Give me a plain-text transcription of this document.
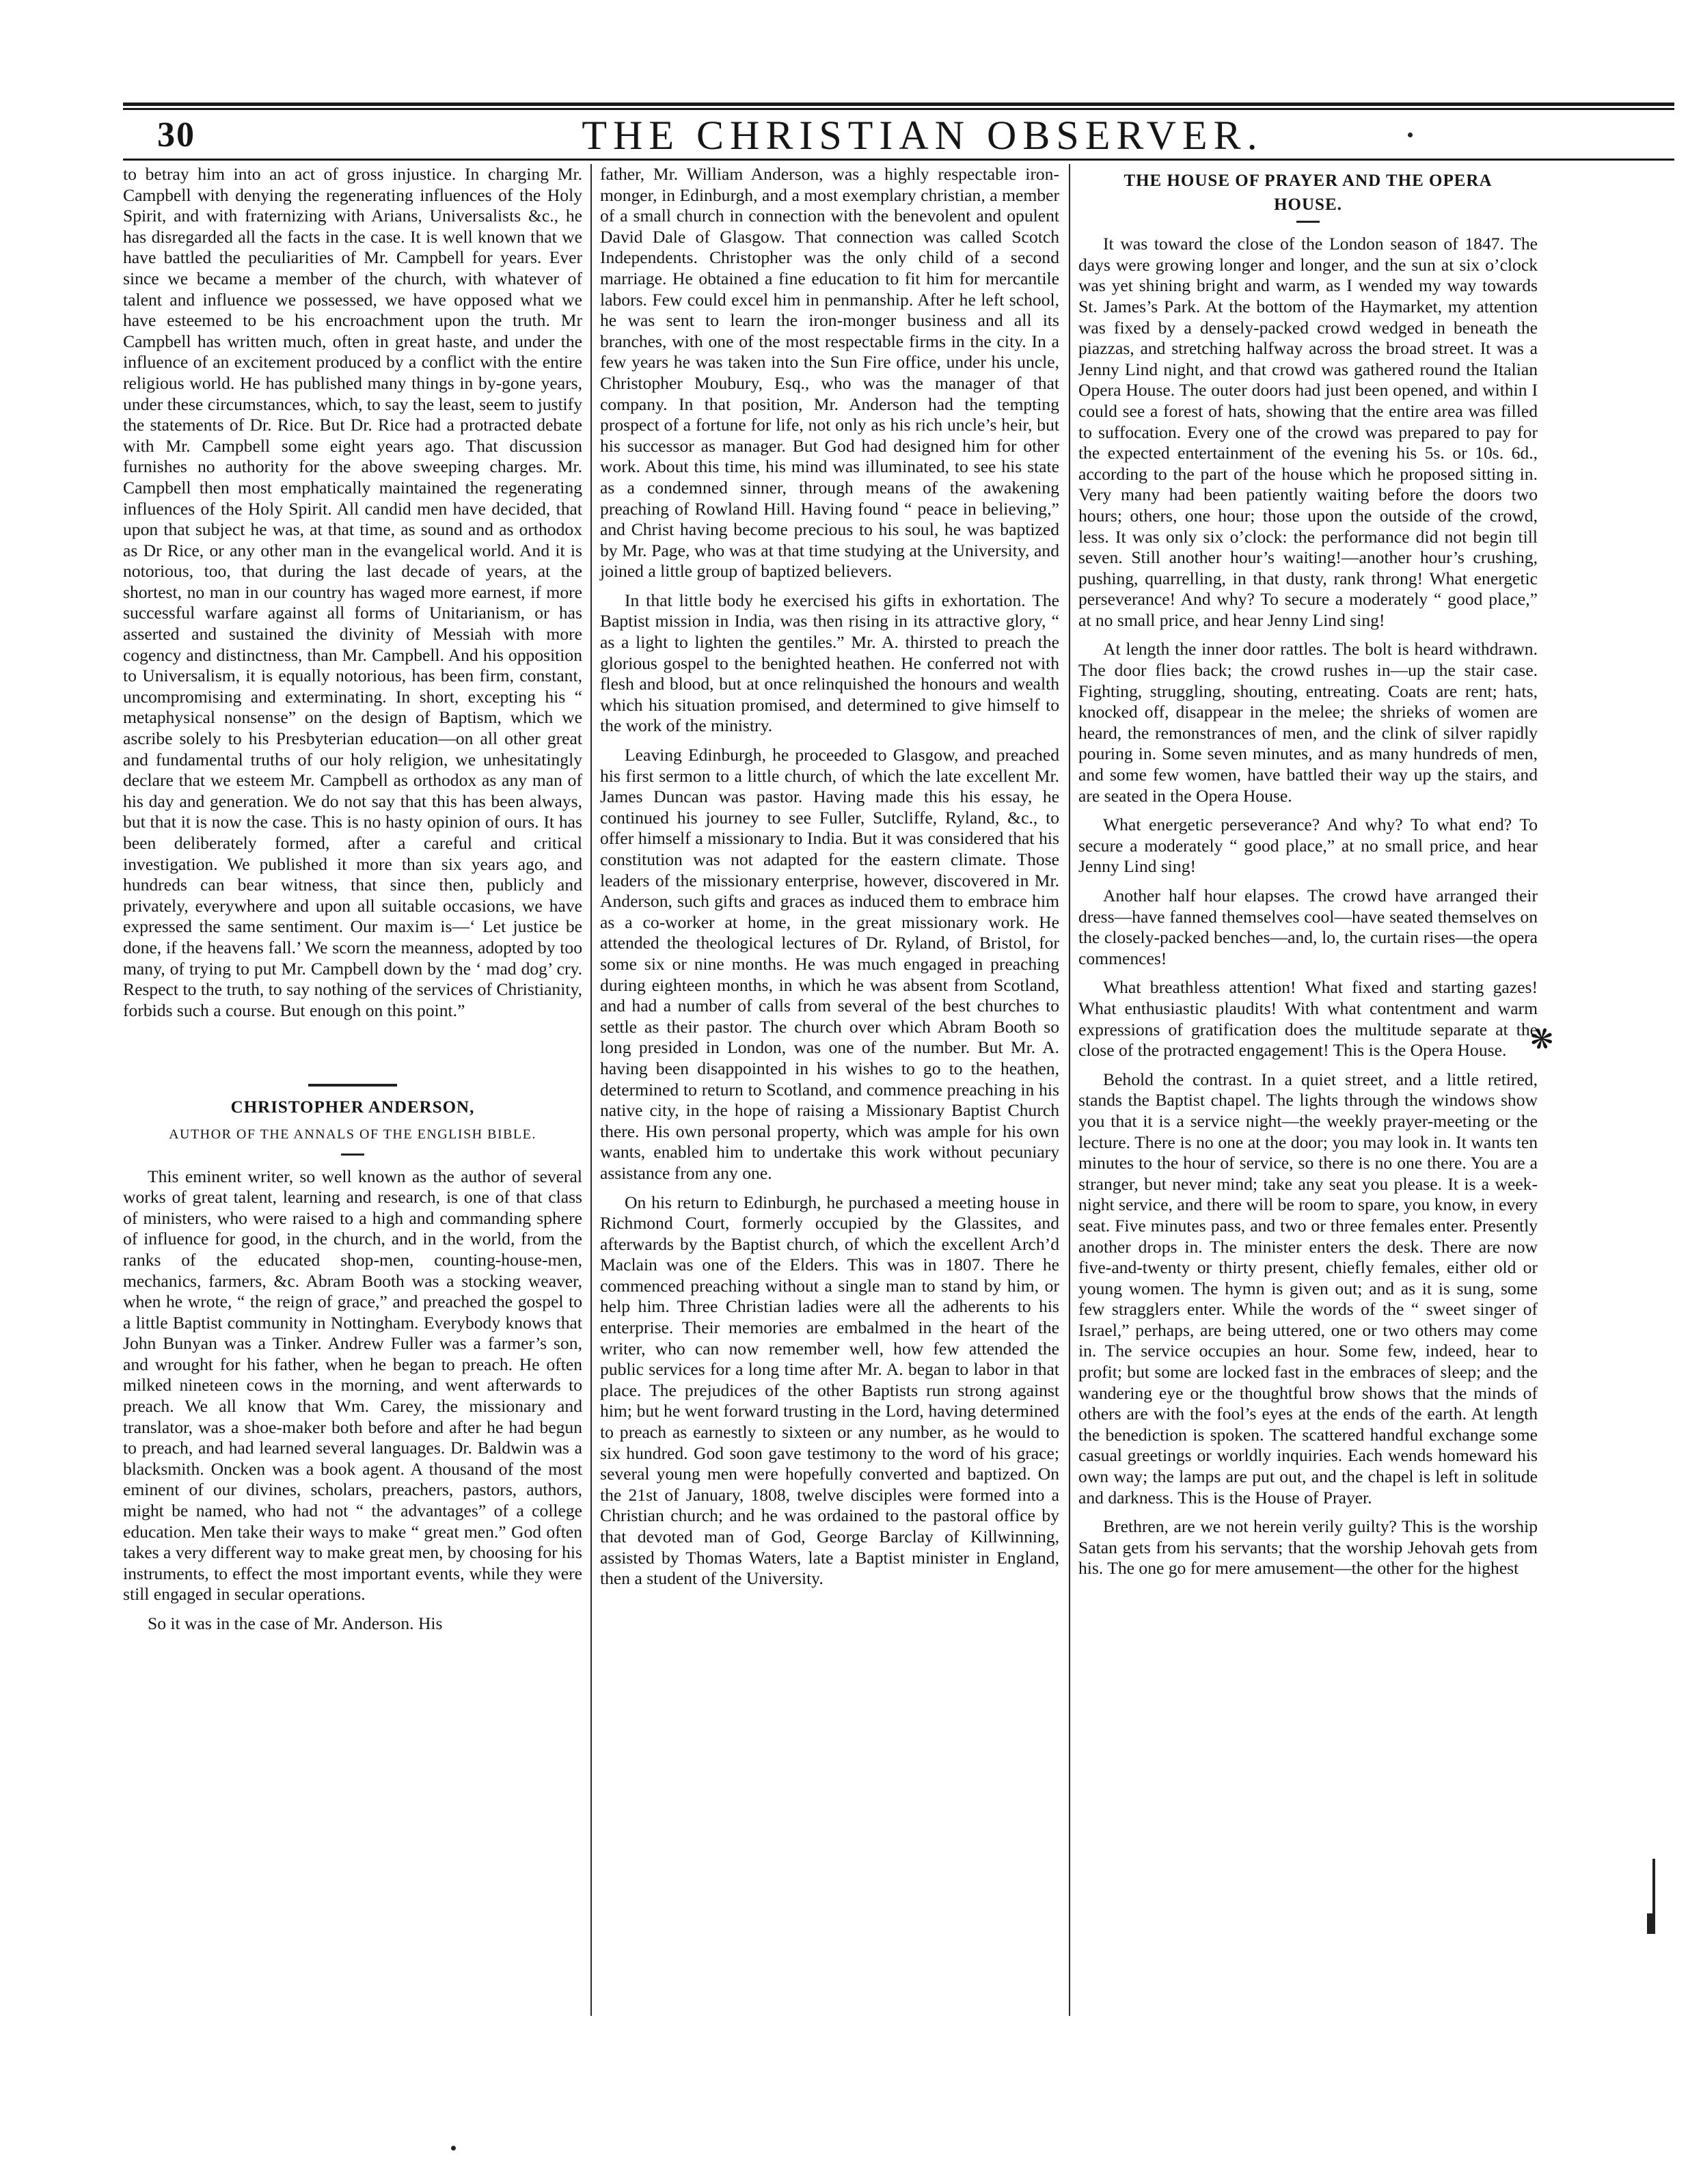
30	THE CHRISTIAN OBSERVER.

to betray him into an act of gross injustice. In charging Mr. Campbell with denying the regenerating influences of the Holy Spirit, and with fraternizing with Arians, Universalists &c., he has disregarded all the facts in the case. It is well known that we have battled the peculiarities of Mr. Campbell for years. Ever since we became a member of the church, with whatever of talent and influence we possessed, we have opposed what we have esteemed to be his encroachment upon the truth. Mr Campbell has written much, often in great haste, and under the influence of an excitement produced by a conflict with the entire religious world. He has published many things in by-gone years, under these circumstances, which, to say the least, seem to justify the statements of Dr. Rice. But Dr. Rice had a protracted debate with Mr. Campbell some eight years ago. That discussion furnishes no authority for the above sweeping charges. Mr. Campbell then most emphatically maintained the regenerating influences of the Holy Spirit. All candid men have decided, that upon that subject he was, at that time, as sound and as orthodox as Dr Rice, or any other man in the evangelical world. And it is notorious, too, that during the last decade of years, at the shortest, no man in our country has waged more earnest, if more successful warfare against all forms of Unitarianism, or has asserted and sustained the divinity of Messiah with more cogency and distinctness, than Mr. Campbell. And his opposition to Universalism, it is equally notorious, has been firm, constant, uncompromising and exterminating. In short, excepting his “ metaphysical nonsense” on the design of Baptism, which we ascribe solely to his Presbyterian education—on all other great and fundamental truths of our holy religion, we unhesitatingly declare that we esteem Mr. Campbell as orthodox as any man of his day and generation. We do not say that this has been always, but that it is now the case. This is no hasty opinion of ours. It has been deliberately formed, after a careful and critical investigation. We published it more than six years ago, and hundreds can bear witness, that since then, publicly and privately, everywhere and upon all suitable occasions, we have expressed the same sentiment. Our maxim is—‘ Let justice be done, if the heavens fall.’ We scorn the meanness, adopted by too many, of trying to put Mr. Campbell down by the ‘ mad dog’ cry. Respect to the truth, to say nothing of the services of Christianity, forbids such a course. But enough on this point.”

CHRISTOPHER ANDERSON,
AUTHOR OF THE ANNALS OF THE ENGLISH BIBLE.

This eminent writer, so well known as the author of several works of great talent, learning and research, is one of that class of ministers, who were raised to a high and commanding sphere of influence for good, in the church, and in the world, from the ranks of the educated shop-men, counting-house-men, mechanics, farmers, &c. Abram Booth was a stocking weaver, when he wrote, “ the reign of grace,” and preached the gospel to a little Baptist community in Nottingham. Everybody knows that John Bunyan was a Tinker. Andrew Fuller was a farmer’s son, and wrought for his father, when he began to preach. He often milked nineteen cows in the morning, and went afterwards to preach. We all know that Wm. Carey, the missionary and translator, was a shoe-maker both before and after he had begun to preach, and had learned several languages. Dr. Baldwin was a blacksmith. Oncken was a book agent. A thousand of the most eminent of our divines, scholars, preachers, pastors, authors, might be named, who had not “ the advantages” of a college education. Men take their ways to make “ great men.” God often takes a very different way to make great men, by choosing for his instruments, to effect the most important events, while they were still engaged in secular operations.

So it was in the case of Mr. Anderson. His

father, Mr. William Anderson, was a highly respectable iron-monger, in Edinburgh, and a most exemplary christian, a member of a small church in connection with the benevolent and opulent David Dale of Glasgow. That connection was called Scotch Independents. Christopher was the only child of a second marriage. He obtained a fine education to fit him for mercantile labors. Few could excel him in penmanship. After he left school, he was sent to learn the iron-monger business and all its branches, with one of the most respectable firms in the city. In a few years he was taken into the Sun Fire office, under his uncle, Christopher Moubury, Esq., who was the manager of that company. In that position, Mr. Anderson had the tempting prospect of a fortune for life, not only as his rich uncle’s heir, but his successor as manager. But God had designed him for other work. About this time, his mind was illuminated, to see his state as a condemned sinner, through means of the awakening preaching of Rowland Hill. Having found “ peace in believing,” and Christ having become precious to his soul, he was baptized by Mr. Page, who was at that time studying at the University, and joined a little group of baptized believers.

In that little body he exercised his gifts in exhortation. The Baptist mission in India, was then rising in its attractive glory, “ as a light to lighten the gentiles.” Mr. A. thirsted to preach the glorious gospel to the benighted heathen. He conferred not with flesh and blood, but at once relinquished the honours and wealth which his situation promised, and determined to give himself to the work of the ministry.

Leaving Edinburgh, he proceeded to Glasgow, and preached his first sermon to a little church, of which the late excellent Mr. James Duncan was pastor. Having made this his essay, he continued his journey to see Fuller, Sutcliffe, Ryland, &c., to offer himself a missionary to India. But it was considered that his constitution was not adapted for the eastern climate. Those leaders of the missionary enterprise, however, discovered in Mr. Anderson, such gifts and graces as induced them to embrace him as a co-worker at home, in the great missionary work. He attended the theological lectures of Dr. Ryland, of Bristol, for some six or nine months. He was much engaged in preaching during eighteen months, in which he was absent from Scotland, and had a number of calls from several of the best churches to settle as their pastor. The church over which Abram Booth so long presided in London, was one of the number. But Mr. A. having been disappointed in his wishes to go to the heathen, determined to return to Scotland, and commence preaching in his native city, in the hope of raising a Missionary Baptist Church there. His own personal property, which was ample for his own wants, enabled him to undertake this work without pecuniary assistance from any one.

On his return to Edinburgh, he purchased a meeting house in Richmond Court, formerly occupied by the Glassites, and afterwards by the Baptist church, of which the excellent Arch’d Maclain was one of the Elders. This was in 1807. There he commenced preaching without a single man to stand by him, or help him. Three Christian ladies were all the adherents to his enterprise. Their memories are embalmed in the heart of the writer, who can now remember well, how few attended the public services for a long time after Mr. A. began to labor in that place. The prejudices of the other Baptists run strong against him; but he went forward trusting in the Lord, having determined to preach as earnestly to sixteen or any number, as he would to six hundred. God soon gave testimony to the word of his grace; several young men were hopefully converted and baptized. On the 21st of January, 1808, twelve disciples were formed into a Christian church; and he was ordained to the pastoral office by that devoted man of God, George Barclay of Killwinning, assisted by Thomas Waters, late a Baptist minister in England, then a student of the University.

THE HOUSE OF PRAYER AND THE OPERA
HOUSE.

It was toward the close of the London season of 1847. The days were growing longer and longer, and the sun at six o’clock was yet shining bright and warm, as I wended my way towards St. James’s Park. At the bottom of the Haymarket, my attention was fixed by a densely-packed crowd wedged in beneath the piazzas, and stretching halfway across the broad street. It was a Jenny Lind night, and that crowd was gathered round the Italian Opera House. The outer doors had just been opened, and within I could see a forest of hats, showing that the entire area was filled to suffocation. Every one of the crowd was prepared to pay for the expected entertainment of the evening his 5s. or 10s. 6d., according to the part of the house which he proposed sitting in. Very many had been patiently waiting before the doors two hours; others, one hour; those upon the outside of the crowd, less. It was only six o’clock: the performance did not begin till seven. Still another hour’s waiting!—another hour’s crushing, pushing, quarrelling, in that dusty, rank throng! What energetic perseverance! And why? To secure a moderately “ good place,” at no small price, and hear Jenny Lind sing!

At length the inner door rattles. The bolt is heard withdrawn. The door flies back; the crowd rushes in—up the stair case. Fighting, struggling, shouting, entreating. Coats are rent; hats, knocked off, disappear in the melee; the shrieks of women are heard, the remonstrances of men, and the clink of silver rapidly pouring in. Some seven minutes, and as many hundreds of men, and some few women, have battled their way up the stairs, and are seated in the Opera House.

What energetic perseverance? And why? To what end? To secure a moderately “ good place,” at no small price, and hear Jenny Lind sing!

Another half hour elapses. The crowd have arranged their dress—have fanned themselves cool—have seated themselves on the closely-packed benches—and, lo, the curtain rises—the opera commences!

What breathless attention! What fixed and starting gazes! What enthusiastic plaudits! With what contentment and warm expressions of gratification does the multitude separate at the close of the protracted engagement! This is the Opera House.

Behold the contrast. In a quiet street, and a little retired, stands the Baptist chapel. The lights through the windows show you that it is a service night—the weekly prayer-meeting or the lecture. There is no one at the door; you may look in. It wants ten minutes to the hour of service, so there is no one there. You are a stranger, but never mind; take any seat you please. It is a week-night service, and there will be room to spare, you know, in every seat. Five minutes pass, and two or three females enter. Presently another drops in. The minister enters the desk. There are now five-and-twenty or thirty present, chiefly females, either old or young women. The hymn is given out; and as it is sung, some few stragglers enter. While the words of the “ sweet singer of Israel,” perhaps, are being uttered, one or two others may come in. The service occupies an hour. Some few, indeed, hear to profit; but some are locked fast in the embraces of sleep; and the wandering eye or the thoughtful brow shows that the minds of others are with the fool’s eyes at the ends of the earth. At length the benediction is spoken. The scattered handful exchange some casual greetings or worldly inquiries. Each wends homeward his own way; the lamps are put out, and the chapel is left in solitude and darkness. This is the House of Prayer.

Brethren, are we not herein verily guilty? This is the worship Satan gets from his servants; that the worship Jehovah gets from his. The one go for mere amusement—the other for the highest

❋
